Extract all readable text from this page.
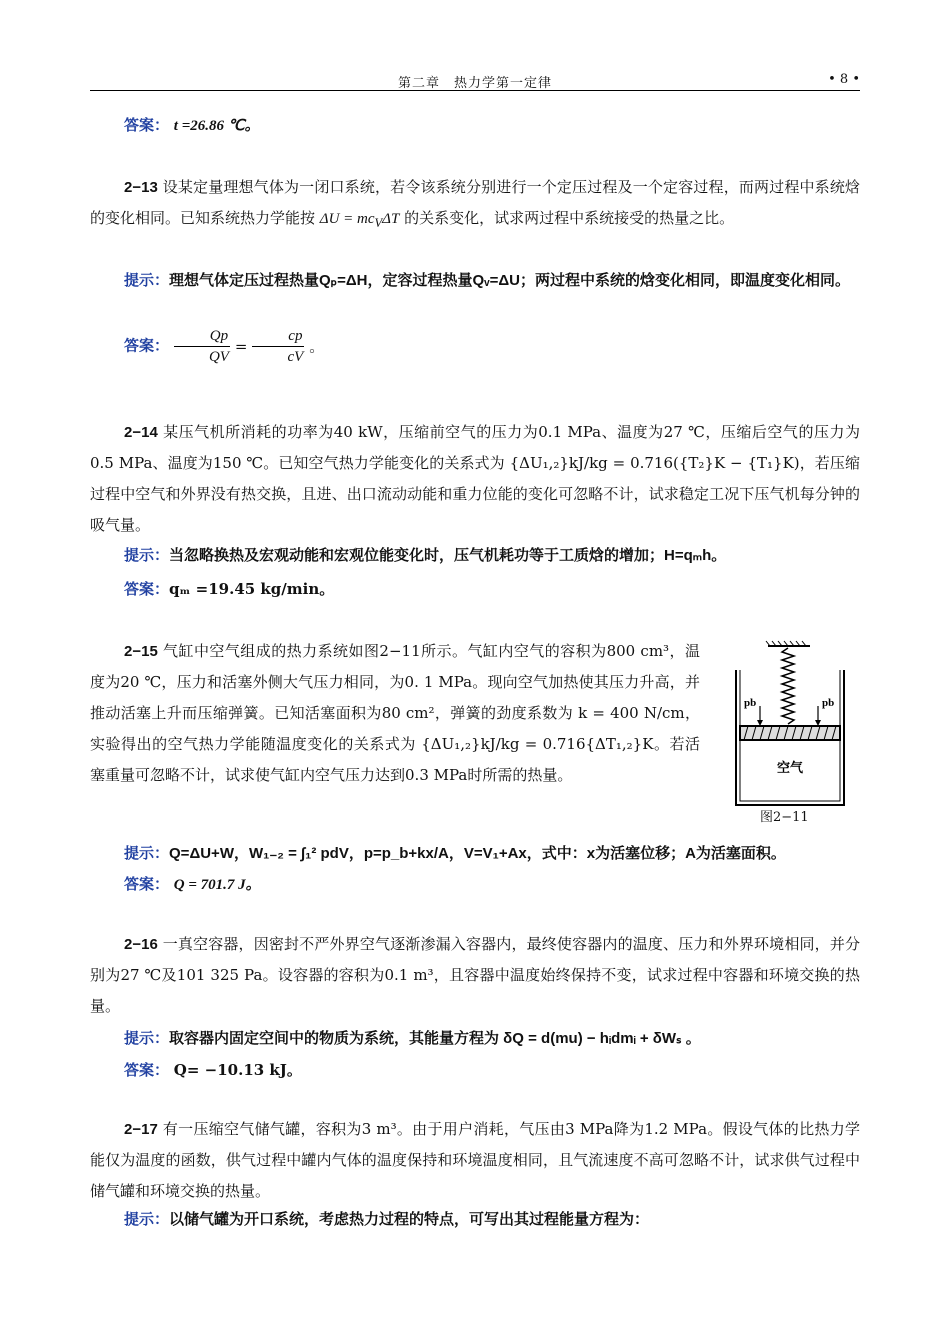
第二章　热力学第一定律	• 8 •
答案： t =26.86 ℃。
2−13 设某定量理想气体为一闭口系统，若令该系统分别进行一个定压过程及一个定容过程，而两过程中系统焓的变化相同。已知系统热力学能按 $\Delta U = mc_V\Delta T$ 的关系变化，试求两过程中系统接受的热量之比。
提示：理想气体定压过程热量Qₚ=ΔH，定容过程热量Qᵥ=ΔU；两过程中系统的焓变化相同，即温度变化相同。
答案： $\frac{Qp}{QV} = \frac{cp}{cV}$ 。
2−14 某压气机所消耗的功率为40 kW，压缩前空气的压力为0.1 MPa、温度为27 ℃，压缩后空气的压力为0.5 MPa、温度为150 ℃。已知空气热力学能变化的关系式为 {ΔU₁,₂}kJ/kg = 0.716({T₂}K − {T₁}K)，若压缩过程中空气和外界没有热交换，且进、出口流动动能和重力位能的变化可忽略不计，试求稳定工况下压气机每分钟的吸气量。
提示：当忽略换热及宏观动能和宏观位能变化时，压气机耗功等于工质焓的增加；H=qₘh。
答案：qₘ =19.45 kg/min。
2−15 气缸中空气组成的热力系统如图2−11所示。气缸内空气的容积为800 cm³，温度为20 ℃，压力和活塞外侧大气压力相同，为0. 1 MPa。现向空气加热使其压力升高，并推动活塞上升而压缩弹簧。已知活塞面积为80 cm²，弹簧的劲度系数为 k = 400 N/cm，实验得出的空气热力学能随温度变化的关系式为 {ΔU₁,₂}kJ/kg = 0.716{ΔT₁,₂}K。若活塞重量可忽略不计，试求使气缸内空气压力达到0.3 MPa时所需的热量。
pb	pb
空气
图2−11
提示：Q=ΔU+W，W₁₋₂ = ∫₁² pdV，p=p_b+kx/A，V=V₁+Ax，式中：x为活塞位移；A为活塞面积。
答案： Q = 701.7 J。
2−16 一真空容器，因密封不严外界空气逐渐渗漏入容器内，最终使容器内的温度、压力和外界环境相同，并分别为27 ℃及101 325 Pa。设容器的容积为0.1 m³，且容器中温度始终保持不变，试求过程中容器和环境交换的热量。
提示：取容器内固定空间中的物质为系统，其能量方程为 δQ = d(mu) − hᵢdmᵢ + δWₛ 。
答案： Q= −10.13 kJ。
2−17 有一压缩空气储气罐，容积为3 m³。由于用户消耗，气压由3 MPa降为1.2 MPa。假设气体的比热力学能仅为温度的函数，供气过程中罐内气体的温度保持和环境温度相同，且气流速度不高可忽略不计，试求供气过程中储气罐和环境交换的热量。
提示：以储气罐为开口系统，考虑热力过程的特点，可写出其过程能量方程为：
